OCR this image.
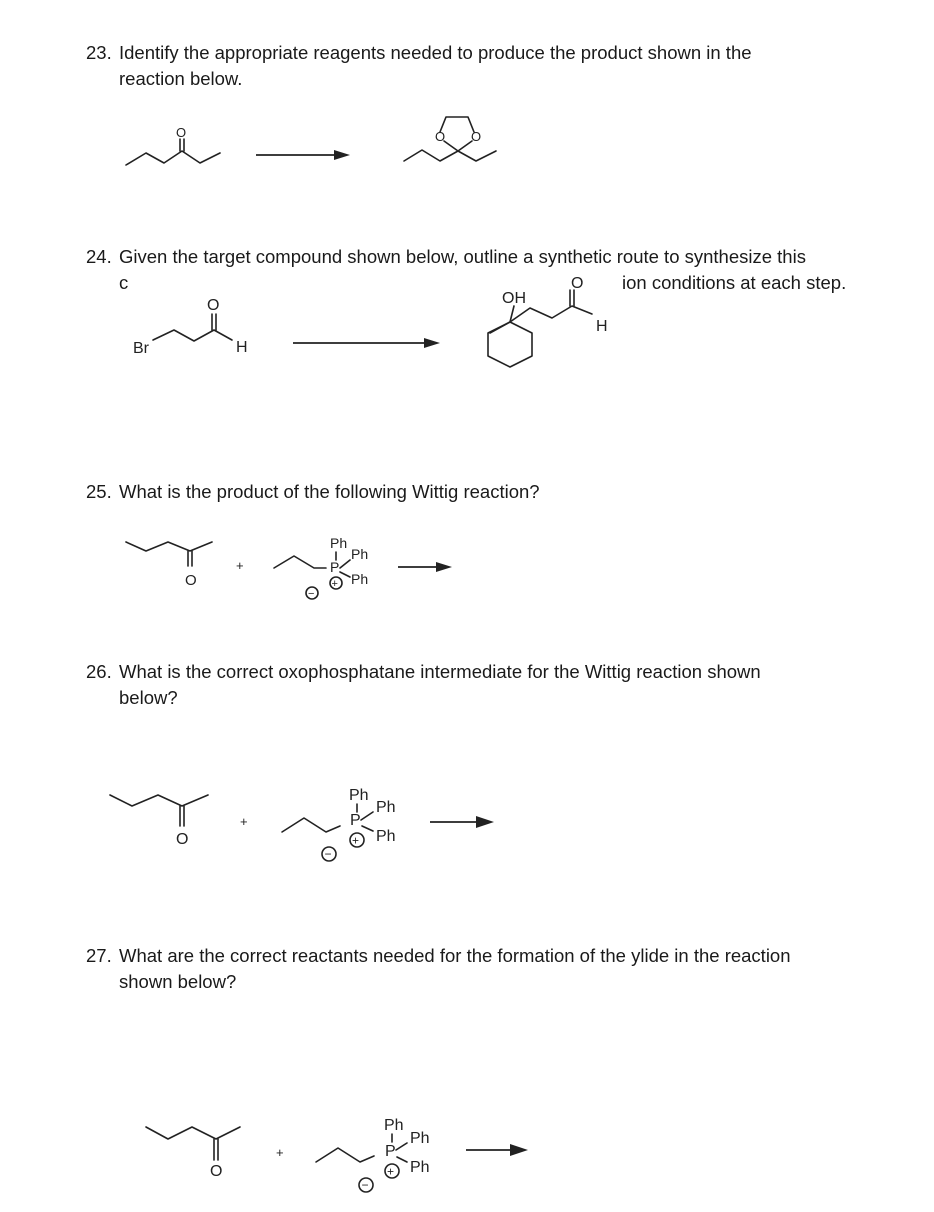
23. Identify the appropriate reagents needed to produce the product shown in the
reaction below.
O	O O
24. Given the target compound shown below, outline a synthetic route to synthesize this
c	ion conditions at each step.
Br
O
H
OH
O
H
25. What is the product of the following Wittig reaction?
O
+
Ph
Ph
P
Ph
−
+
26. What is the correct oxophosphatane intermediate for the Wittig reaction shown
below?
O
+
Ph
Ph
P
Ph
−
+
27. What are the correct reactants needed for the formation of the ylide in the reaction
shown below?
O
+
Ph
Ph
P
Ph
−
+
